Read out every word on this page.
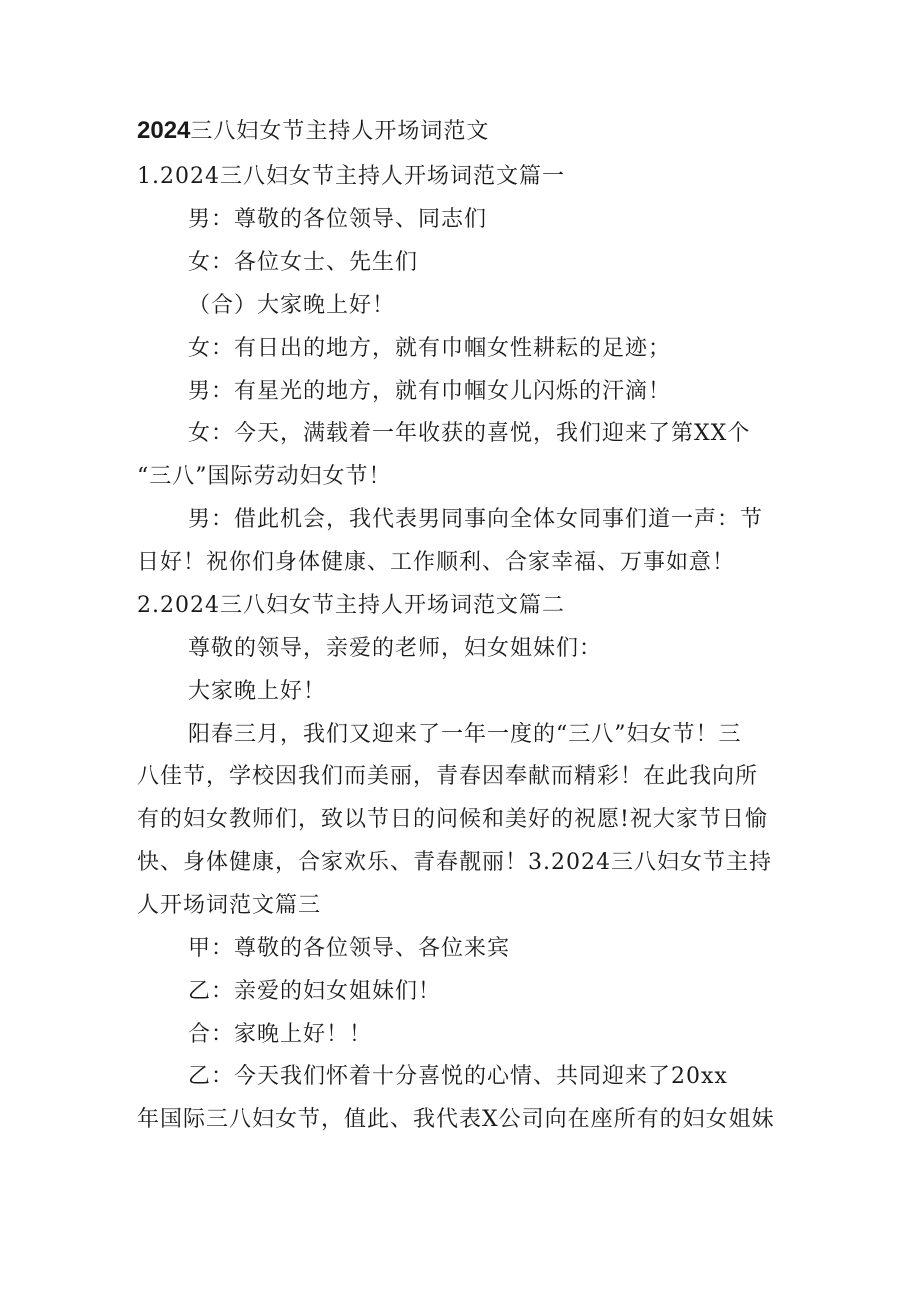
2024三八妇女节主持人开场词范文
1.2024三八妇女节主持人开场词范文篇一
男：尊敬的各位领导、同志们
女：各位女士、先生们
（合）大家晚上好！
女：有日出的地方，就有巾帼女性耕耘的足迹；
男：有星光的地方，就有巾帼女儿闪烁的汗滴！
女：今天，满载着一年收获的喜悦，我们迎来了第XX个
“三八”国际劳动妇女节！
男：借此机会，我代表男同事向全体女同事们道一声：节
日好！祝你们身体健康、工作顺利、合家幸福、万事如意！
2.2024三八妇女节主持人开场词范文篇二
尊敬的领导，亲爱的老师，妇女姐妹们：
大家晚上好！
阳春三月，我们又迎来了一年一度的“三八”妇女节！三
八佳节，学校因我们而美丽，青春因奉献而精彩！在此我向所
有的妇女教师们，致以节日的问候和美好的祝愿!祝大家节日愉
快、身体健康，合家欢乐、青春靓丽！3.2024三八妇女节主持
人开场词范文篇三
甲：尊敬的各位领导、各位来宾
乙：亲爱的妇女姐妹们！
合：家晚上好！！
乙：今天我们怀着十分喜悦的心情、共同迎来了20xx
年国际三八妇女节，值此、我代表X公司向在座所有的妇女姐妹
